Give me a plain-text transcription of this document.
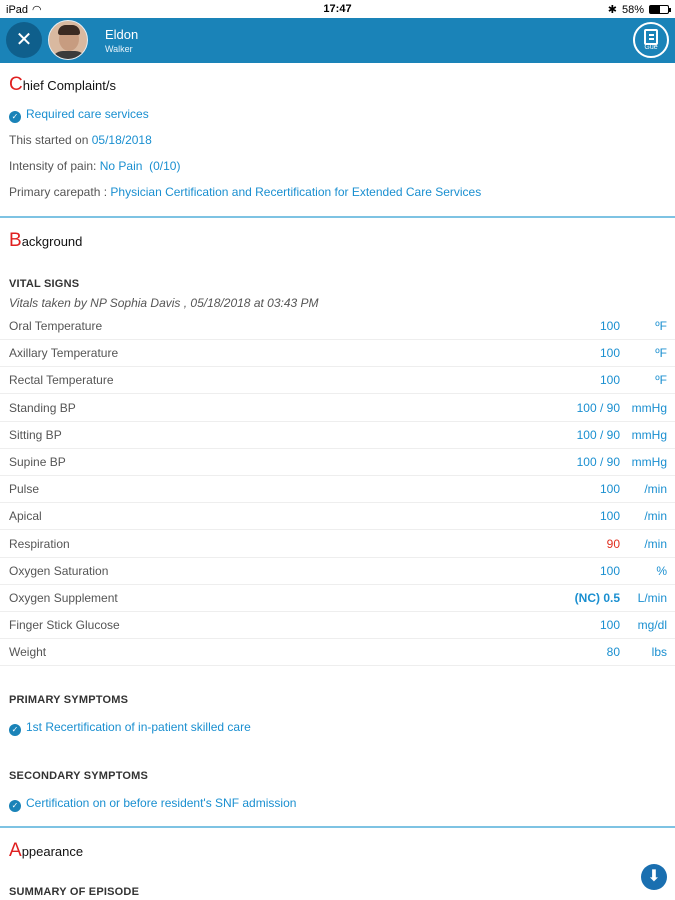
iPad ◠	17:47	✱ 58%
✕	Eldon
Walker	Gue
C hief Complaint/s
✓ Required care services
This started on 05/18/2018
Intensity of pain: No Pain  (0/10)
Primary carepath : Physician Certification and Recertification for Extended Care Services
B ackground
VITAL SIGNS
Vitals taken by NP Sophia Davis , 05/18/2018 at 03:43 PM
Oral Temperature	100	ºF
Axillary Temperature	100	ºF
Rectal Temperature	100	ºF
Standing BP	100 / 90 mmHg
Sitting BP	100 / 90 mmHg
Supine BP	100 / 90 mmHg
Pulse	100 /min
Apical	100 /min
Respiration	90 /min
Oxygen Saturation	100	%
Oxygen Supplement	(NC) 0.5 L/min
Finger Stick Glucose	100 mg/dl
Weight	80	lbs
PRIMARY SYMPTOMS
✓ 1st Recertification of in-patient skilled care
SECONDARY SYMPTOMS
✓ Certification on or before resident's SNF admission
A ppearance
SUMMARY OF EPISODE
⬇
